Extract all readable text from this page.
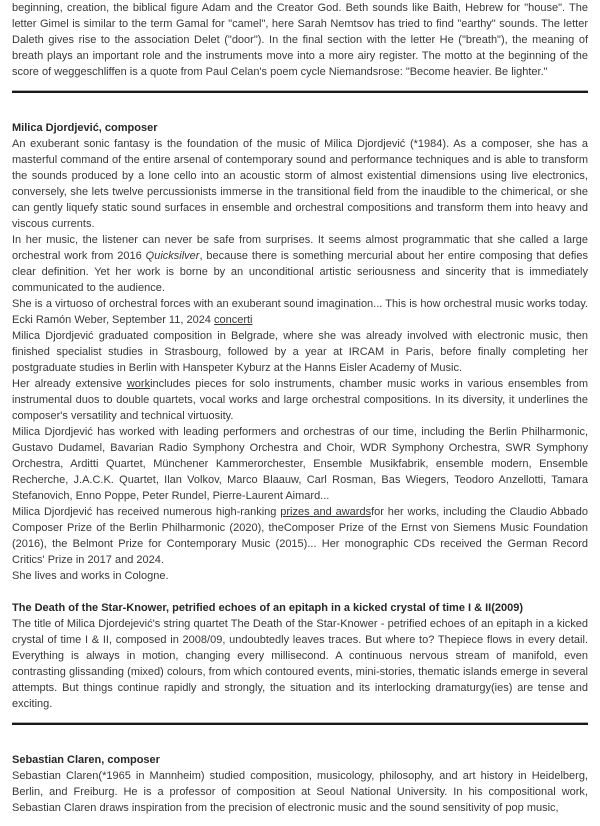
beginning, creation, the biblical figure Adam and the Creator God. Beth sounds like Baith, Hebrew for "house". The letter Gimel is similar to the term Gamal for "camel", here Sarah Nemtsov has tried to find "earthy" sounds. The letter Daleth gives rise to the association Delet ("door"). In the final section with the letter He ("breath"), the meaning of breath plays an important role and the instruments move into a more airy register. The motto at the beginning of the score of weggeschliffen is a quote from Paul Celan's poem cycle Niemandsrose: "Become heavier. Be lighter."

Milica Djordjević, composer

An exuberant sonic fantasy is the foundation of the music of Milica Djordjević (*1984). As a composer, she has a masterful command of the entire arsenal of contemporary sound and performance techniques and is able to transform the sounds produced by a lone cello into an acoustic storm of almost existential dimensions using live electronics, conversely, she lets twelve percussionists immerse in the transitional field from the inaudible to the chimerical, or she can gently liquefy static sound surfaces in ensemble and orchestral compositions and transform them into heavy and viscous currents.

In her music, the listener can never be safe from surprises. It seems almost programmatic that she called a large orchestral work from 2016 Quicksilver, because there is something mercurial about her entire composing that defies clear definition. Yet her work is borne by an unconditional artistic seriousness and sincerity that is immediately communicated to the audience.

She is a virtuoso of orchestral forces with an exuberant sound imagination... This is how orchestral music works today. Ecki Ramón Weber, September 11, 2024 concerti

Milica Djordjević graduated composition in Belgrade, where she was already involved with electronic music, then finished specialist studies in Strasbourg, followed by a year at IRCAM in Paris, before finally completing her postgraduate studies in Berlin with Hanspeter Kyburz at the Hanns Eisler Academy of Music.

Her already extensive workincludes pieces for solo instruments, chamber music works in various ensembles from instrumental duos to double quartets, vocal works and large orchestral compositions. In its diversity, it underlines the composer's versatility and technical virtuosity.

Milica Djordjević has worked with leading performers and orchestras of our time, including the Berlin Philharmonic, Gustavo Dudamel, Bavarian Radio Symphony Orchestra and Choir, WDR Symphony Orchestra, SWR Symphony Orchestra, Arditti Quartet, Münchener Kammerorchester, Ensemble Musikfabrik, ensemble modern, Ensemble Recherche, J.A.C.K. Quartet, Ilan Volkov, Marco Blaauw, Carl Rosman, Bas Wiegers, Teodoro Anzellotti, Tamara Stefanovich, Enno Poppe, Peter Rundel, Pierre-Laurent Aimard...

Milica Djordjević has received numerous high-ranking prizes and awardsfor her works, including the Claudio Abbado Composer Prize of the Berlin Philharmonic (2020), theComposer Prize of the Ernst von Siemens Music Foundation (2016), the Belmont Prize for Contemporary Music (2015)... Her monographic CDs received the German Record Critics' Prize in 2017 and 2024.

She lives and works in Cologne.

The Death of the Star-Knower, petrified echoes of an epitaph in a kicked crystal of time I & II(2009)

The title of Milica Djordejević's string quartet The Death of the Star-Knower - petrified echoes of an epitaph in a kicked crystal of time I & II, composed in 2008/09, undoubtedly leaves traces. But where to? Thepiece flows in every detail. Everything is always in motion, changing every millisecond. A continuous nervous stream of manifold, even contrasting glissanding (mixed) colours, from which contoured events, mini-stories, thematic islands emerge in several attempts. But things continue rapidly and strongly, the situation and its interlocking dramaturgy(ies) are tense and exciting.

Sebastian Claren, composer

Sebastian Claren(*1965 in Mannheim) studied composition, musicology, philosophy, and art history in Heidelberg, Berlin, and Freiburg. He is a professor of composition at Seoul National University. In his compositional work, Sebastian Claren draws inspiration from the precision of electronic music and the sound sensitivity of pop music,
